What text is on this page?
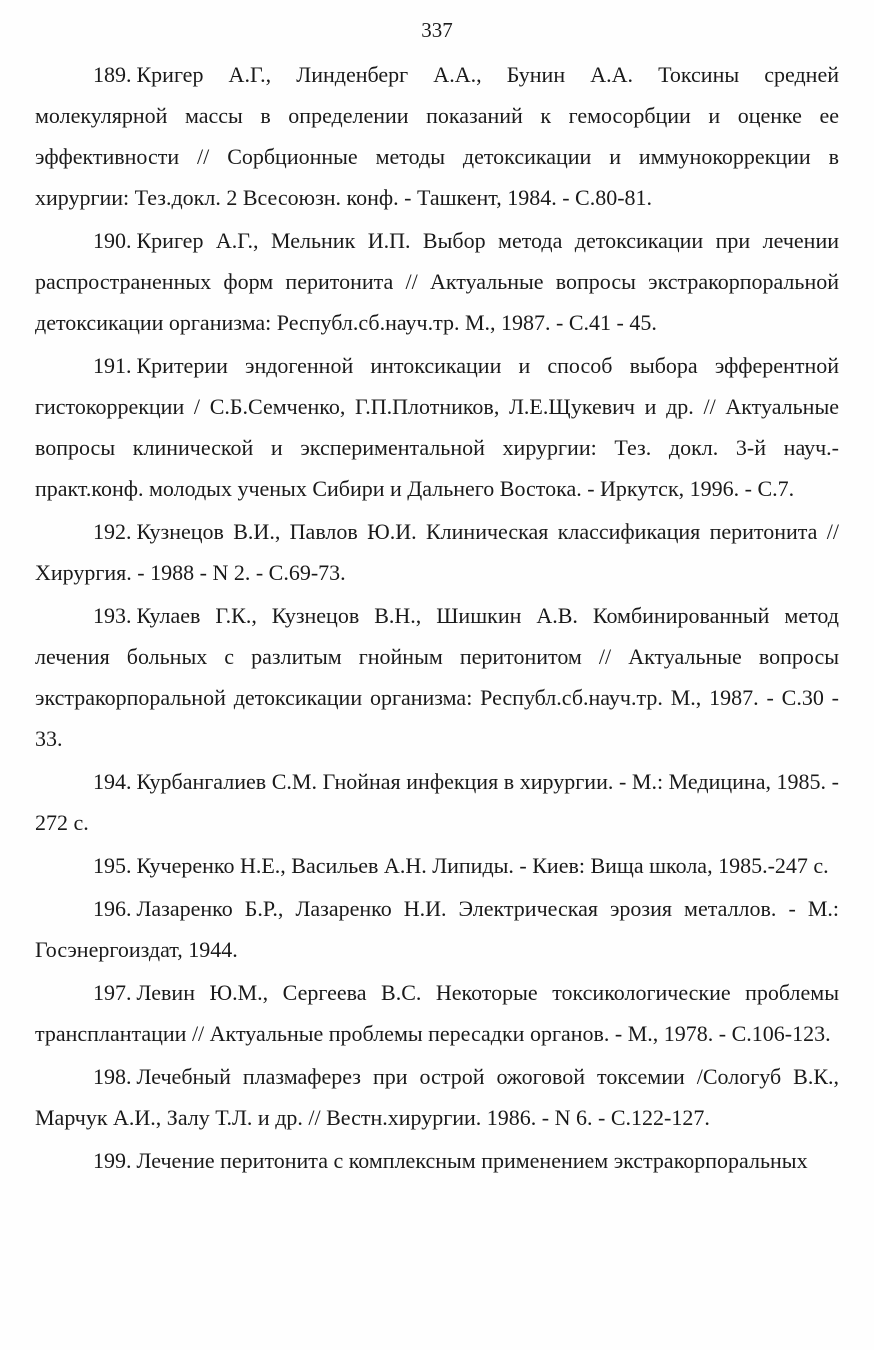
337
189. Кригер А.Г., Линденберг А.А., Бунин А.А. Токсины средней молекулярной массы в определении показаний к гемосорбции и оценке ее эффективности // Сорбционные методы детоксикации и иммунокоррекции в хирургии: Тез.докл. 2 Всесоюзн. конф. - Ташкент, 1984. - С.80-81.
190. Кригер А.Г., Мельник И.П. Выбор метода детоксикации при лечении распространенных форм перитонита // Актуальные вопросы экстракорпоральной детоксикации организма: Республ.сб.науч.тр. М., 1987. - С.41 - 45.
191. Критерии эндогенной интоксикации и способ выбора эфферентной гистокоррекции / С.Б.Семченко, Г.П.Плотников, Л.Е.Щукевич и др. // Актуальные вопросы клинической и экспериментальной хирургии: Тез. докл. 3-й науч.-практ.конф. молодых ученых Сибири и Дальнего Востока. - Иркутск, 1996. - С.7.
192. Кузнецов В.И., Павлов Ю.И. Клиническая классификация перитонита // Хирургия. - 1988 - N 2. - С.69-73.
193. Кулаев Г.К., Кузнецов В.Н., Шишкин А.В. Комбинированный метод лечения больных с разлитым гнойным перитонитом // Актуальные вопросы экстракорпоральной детоксикации организма: Республ.сб.науч.тр. М., 1987. - С.30 - 33.
194. Курбангалиев С.М. Гнойная инфекция в хирургии. - М.: Медицина, 1985. - 272 с.
195. Кучеренко Н.Е., Васильев А.Н. Липиды. - Киев: Вища школа, 1985.-247 с.
196. Лазаренко Б.Р., Лазаренко Н.И. Электрическая эрозия металлов. - М.: Госэнергоиздат, 1944.
197. Левин Ю.М., Сергеева В.С. Некоторые токсикологические проблемы трансплантации // Актуальные проблемы пересадки органов. - М., 1978. - С.106-123.
198. Лечебный плазмаферез при острой ожоговой токсемии /Сологуб В.К., Марчук А.И., Залу Т.Л. и др. // Вестн.хирургии. 1986. - N 6. - С.122-127.
199. Лечение перитонита с комплексным применением экстракорпоральных
